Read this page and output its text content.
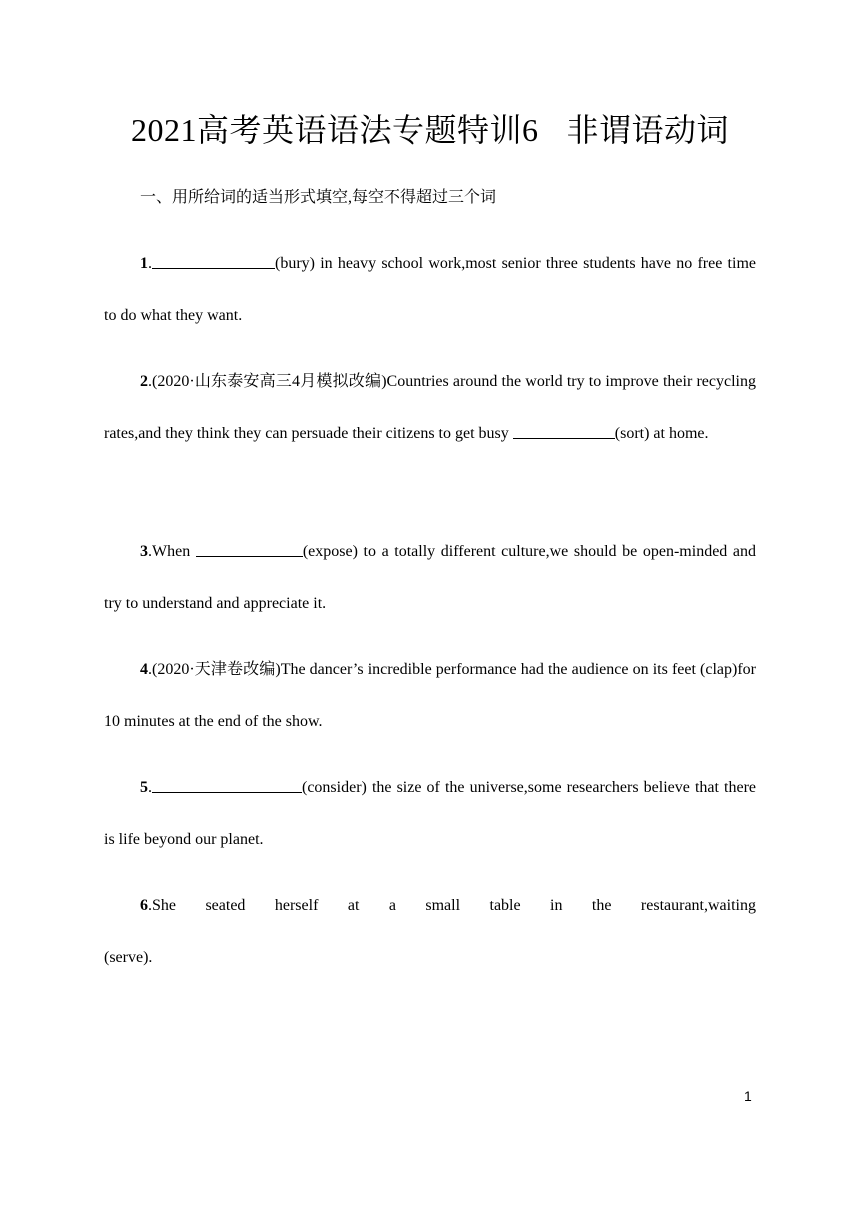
2021高考英语语法专题特训6 非谓语动词
一、用所给词的适当形式填空,每空不得超过三个词
1.	(bury) in heavy school work,most senior three students have no free time to do what they want.
2.(2020·山东泰安高三4月模拟改编)Countries around the world try to improve their recycling rates,and they think they can persuade their citizens to get busy	(sort) at home.
3.When	(expose) to a totally different culture,we should be open-minded and try to understand and appreciate it.
4.(2020·天津卷改编)The dancer’s incredible performance had the audience on its feet (clap)for 10 minutes at the end of the show.
5.	(consider) the size of the universe,some researchers believe that there is life beyond our planet.
6.She seated herself at a small table in the restaurant,waiting
(serve).
1
